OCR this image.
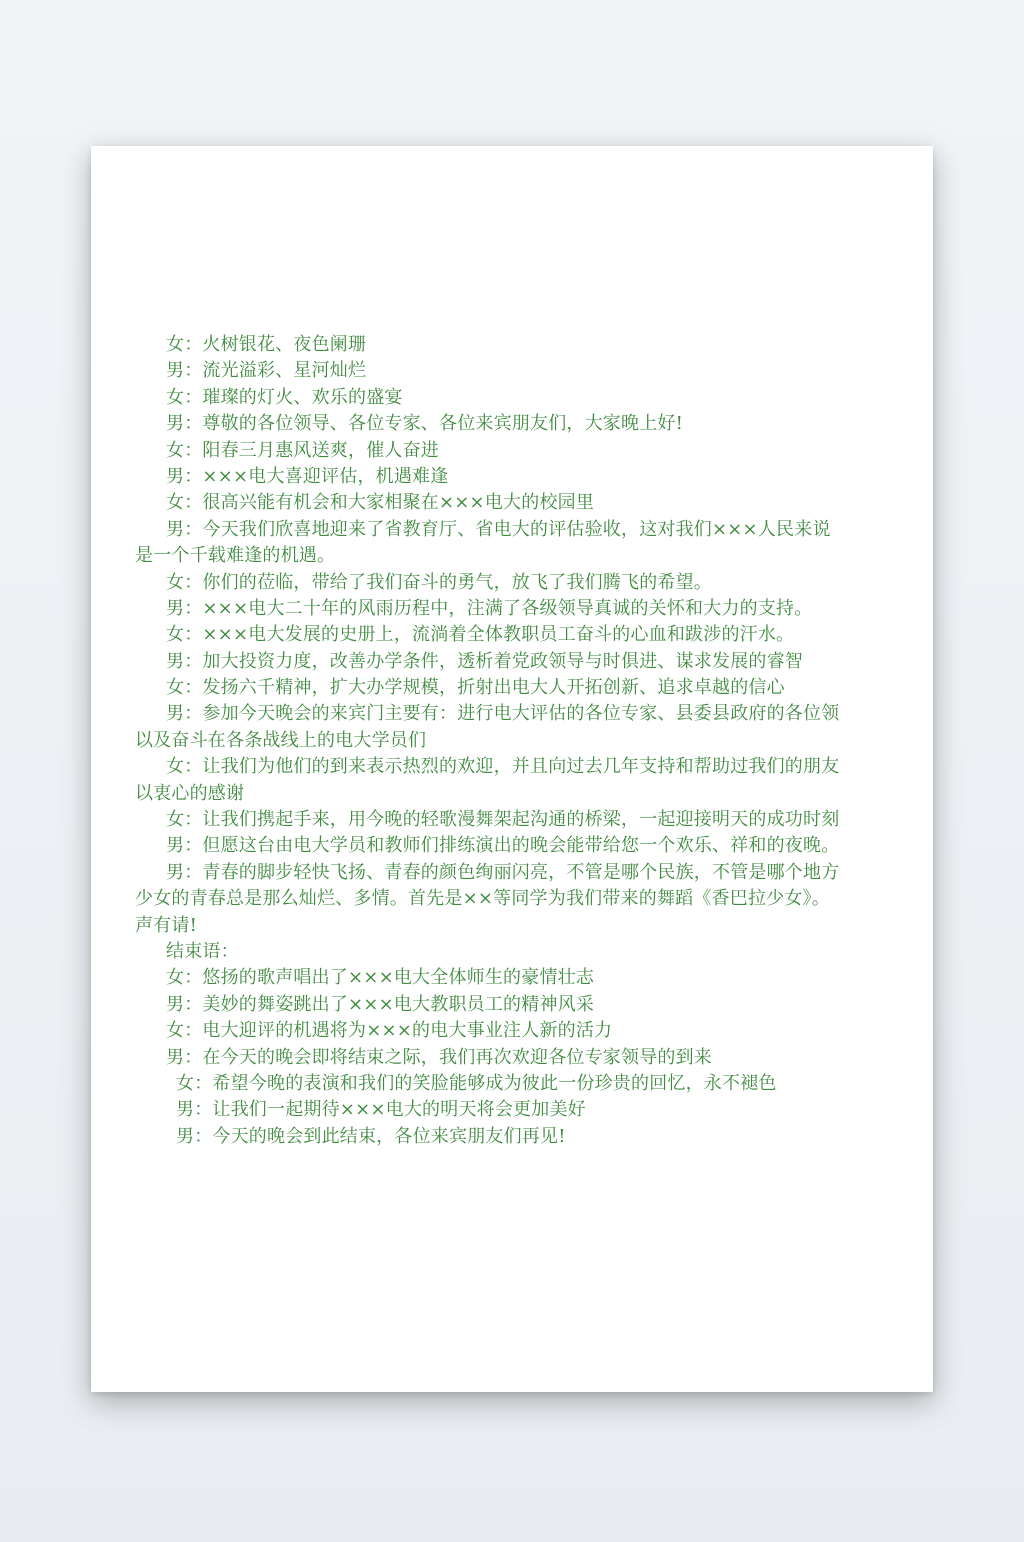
女：火树银花、夜色阑珊
男：流光溢彩、星河灿烂
女：璀璨的灯火、欢乐的盛宴
男：尊敬的各位领导、各位专家、各位来宾朋友们，大家晚上好!
女：阳春三月惠风送爽，催人奋进
男：×××电大喜迎评估，机遇难逢
女：很高兴能有机会和大家相聚在×××电大的校园里
男：今天我们欣喜地迎来了省教育厅、省电大的评估验收，这对我们×××人民来说
是一个千载难逢的机遇。
女：你们的莅临，带给了我们奋斗的勇气，放飞了我们腾飞的希望。
男：×××电大二十年的风雨历程中，注满了各级领导真诚的关怀和大力的支持。
女：×××电大发展的史册上，流淌着全体教职员工奋斗的心血和跋涉的汗水。
男：加大投资力度，改善办学条件，透析着党政领导与时俱进、谋求发展的睿智
女：发扬六千精神，扩大办学规模，折射出电大人开拓创新、追求卓越的信心
男：参加今天晚会的来宾门主要有：进行电大评估的各位专家、县委县政府的各位领
以及奋斗在各条战线上的电大学员们
女：让我们为他们的到来表示热烈的欢迎，并且向过去几年支持和帮助过我们的朋友
以衷心的感谢
女：让我们携起手来，用今晚的轻歌漫舞架起沟通的桥梁，一起迎接明天的成功时刻
男：但愿这台由电大学员和教师们排练演出的晚会能带给您一个欢乐、祥和的夜晚。
男：青春的脚步轻快飞扬、青春的颜色绚丽闪亮，不管是哪个民族，不管是哪个地方
少女的青春总是那么灿烂、多情。首先是××等同学为我们带来的舞蹈《香巴拉少女》。
声有请!
结束语：
女：悠扬的歌声唱出了×××电大全体师生的豪情壮志
男：美妙的舞姿跳出了×××电大教职员工的精神风采
女：电大迎评的机遇将为×××的电大事业注人新的活力
男：在今天的晚会即将结束之际，我们再次欢迎各位专家领导的到来
女：希望今晚的表演和我们的笑脸能够成为彼此一份珍贵的回忆，永不褪色
男：让我们一起期待×××电大的明天将会更加美好
男：今天的晚会到此结束，各位来宾朋友们再见!
